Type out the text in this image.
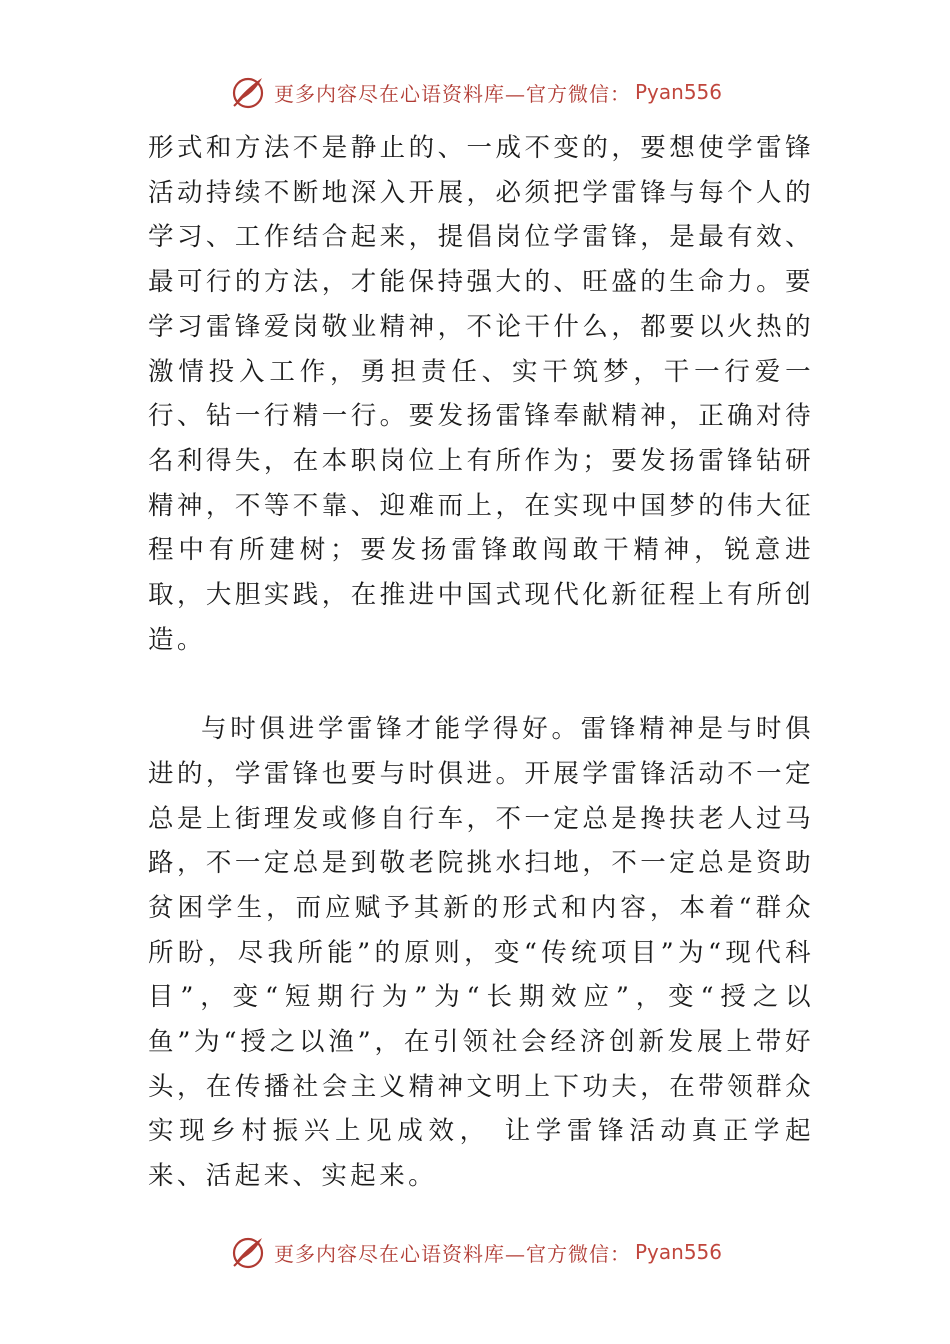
更多内容尽在心语资料库—官方微信： Pyan556

形式和方法不是静止的、一成不变的，要想使学雷锋活动持续不断地深入开展，必须把学雷锋与每个人的学习、工作结合起来，提倡岗位学雷锋，是最有效、最可行的方法，才能保持强大的、旺盛的生命力。要学习雷锋爱岗敬业精神，不论干什么，都要以火热的激情投入工作，勇担责任、实干筑梦，干一行爱一行、钻一行精一行。要发扬雷锋奉献精神，正确对待名利得失，在本职岗位上有所作为；要发扬雷锋钻研精神，不等不靠、迎难而上，在实现中国梦的伟大征程中有所建树；要发扬雷锋敢闯敢干精神，锐意进取，大胆实践，在推进中国式现代化新征程上有所创造。

与时俱进学雷锋才能学得好。雷锋精神是与时俱进的，学雷锋也要与时俱进。开展学雷锋活动不一定总是上街理发或修自行车，不一定总是搀扶老人过马路，不一定总是到敬老院挑水扫地，不一定总是资助贫困学生，而应赋予其新的形式和内容，本着“群众所盼，尽我所能”的原则，变“传统项目”为“现代科目”，变“短期行为”为“长期效应”，变“授之以鱼”为“授之以渔”，在引领社会经济创新发展上带好头，在传播社会主义精神文明上下功夫，在带领群众实现乡村振兴上见成效， 让学雷锋活动真正学起来、活起来、实起来。

更多内容尽在心语资料库—官方微信： Pyan556
